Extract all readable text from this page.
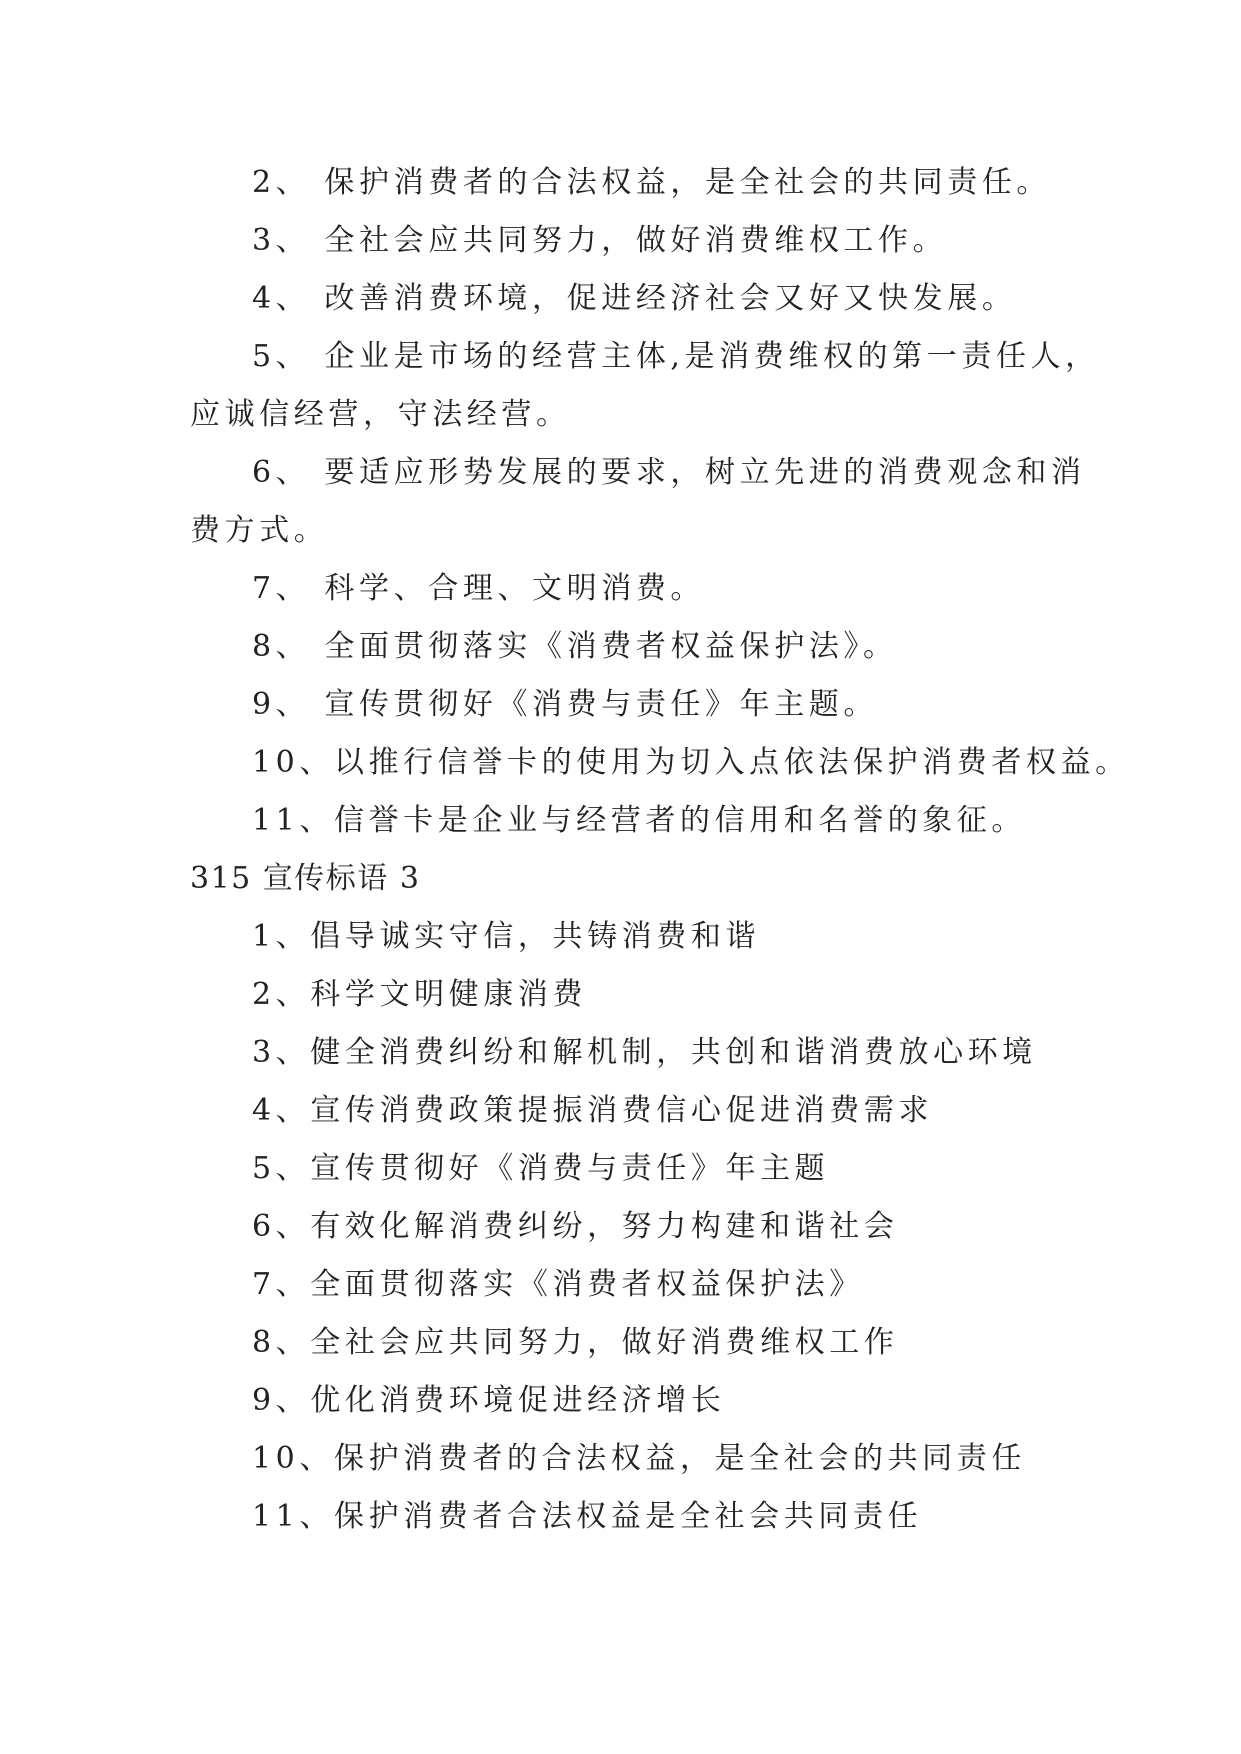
2、 保护消费者的合法权益，是全社会的共同责任。
3、 全社会应共同努力，做好消费维权工作。
4、 改善消费环境，促进经济社会又好又快发展。
5、 企业是市场的经营主体,是消费维权的第一责任人，
应诚信经营，守法经营。
6、 要适应形势发展的要求，树立先进的消费观念和消
费方式。
7、 科学、合理、文明消费。
8、 全面贯彻落实《消费者权益保护法》。
9、 宣传贯彻好《消费与责任》年主题。
10、以推行信誉卡的使用为切入点依法保护消费者权益。
11、信誉卡是企业与经营者的信用和名誉的象征。
315 宣传标语 3
1、倡导诚实守信，共铸消费和谐
2、科学文明健康消费
3、健全消费纠纷和解机制，共创和谐消费放心环境
4、宣传消费政策提振消费信心促进消费需求
5、宣传贯彻好《消费与责任》年主题
6、有效化解消费纠纷，努力构建和谐社会
7、全面贯彻落实《消费者权益保护法》
8、全社会应共同努力，做好消费维权工作
9、优化消费环境促进经济增长
10、保护消费者的合法权益，是全社会的共同责任
11、保护消费者合法权益是全社会共同责任
